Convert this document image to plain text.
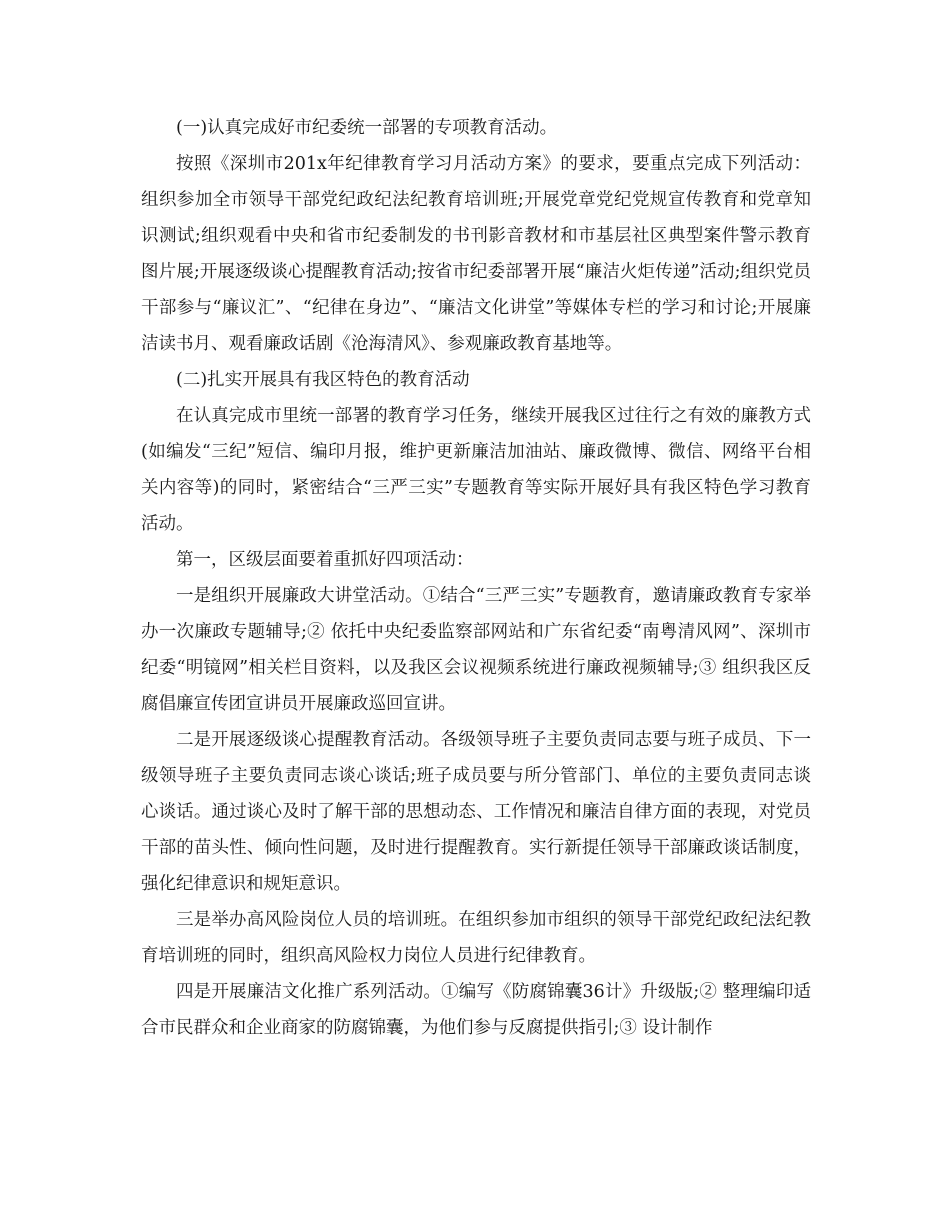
(一)认真完成好市纪委统一部署的专项教育活动。

按照《深圳市201x年纪律教育学习月活动方案》的要求，要重点完成下列活动：组织参加全市领导干部党纪政纪法纪教育培训班;开展党章党纪党规宣传教育和党章知识测试;组织观看中央和省市纪委制发的书刊影音教材和市基层社区典型案件警示教育图片展;开展逐级谈心提醒教育活动;按省市纪委部署开展“廉洁火炬传递”活动;组织党员干部参与“廉议汇”、“纪律在身边”、“廉洁文化讲堂”等媒体专栏的学习和讨论;开展廉洁读书月、观看廉政话剧《沧海清风》、参观廉政教育基地等。

(二)扎实开展具有我区特色的教育活动

在认真完成市里统一部署的教育学习任务，继续开展我区过往行之有效的廉教方式(如编发“三纪”短信、编印月报，维护更新廉洁加油站、廉政微博、微信、网络平台相关内容等)的同时，紧密结合“三严三实”专题教育等实际开展好具有我区特色学习教育活动。

第一，区级层面要着重抓好四项活动：

一是组织开展廉政大讲堂活动。①结合“三严三实”专题教育，邀请廉政教育专家举办一次廉政专题辅导;② 依托中央纪委监察部网站和广东省纪委“南粤清风网”、深圳市纪委“明镜网”相关栏目资料，以及我区会议视频系统进行廉政视频辅导;③ 组织我区反腐倡廉宣传团宣讲员开展廉政巡回宣讲。

二是开展逐级谈心提醒教育活动。各级领导班子主要负责同志要与班子成员、下一级领导班子主要负责同志谈心谈话;班子成员要与所分管部门、单位的主要负责同志谈心谈话。通过谈心及时了解干部的思想动态、工作情况和廉洁自律方面的表现，对党员干部的苗头性、倾向性问题，及时进行提醒教育。实行新提任领导干部廉政谈话制度，强化纪律意识和规矩意识。

三是举办高风险岗位人员的培训班。在组织参加市组织的领导干部党纪政纪法纪教育培训班的同时，组织高风险权力岗位人员进行纪律教育。

四是开展廉洁文化推广系列活动。①编写《防腐锦囊36计》升级版;② 整理编印适合市民群众和企业商家的防腐锦囊，为他们参与反腐提供指引;③ 设计制作
